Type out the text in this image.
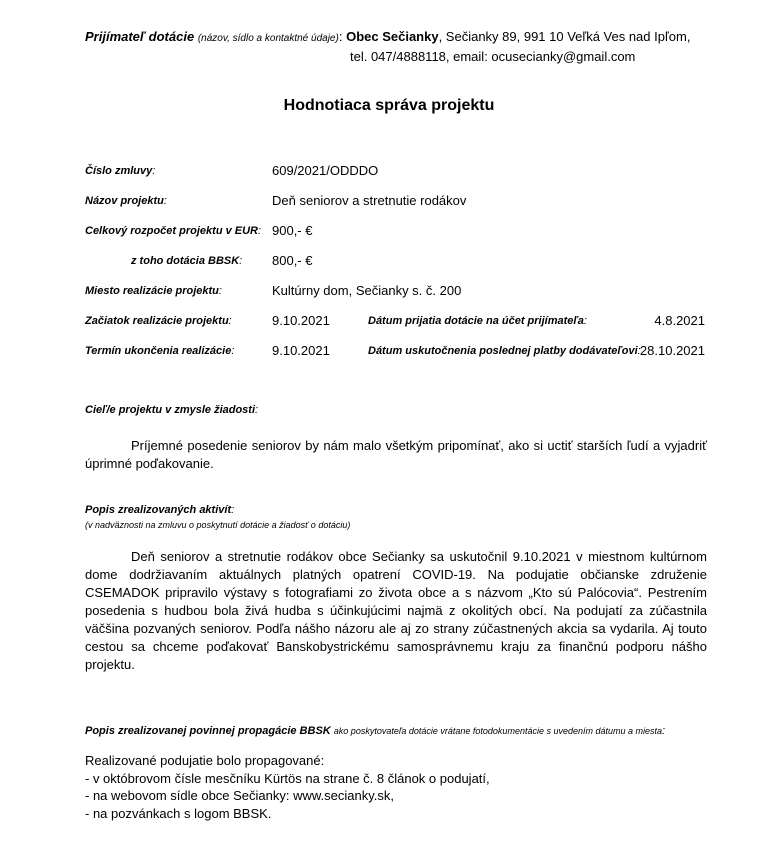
Prijímateľ dotácie (názov, sídlo a kontaktné údaje): Obec Sečianky, Sečianky 89, 991 10 Veľká Ves nad Ipľom,
tel. 047/4888118, email: ocusecianky@gmail.com
Hodnotiaca správa projektu
Číslo zmluvy:	609/2021/ODDDO
Názov projektu:	Deň seniorov a stretnutie rodákov
Celkový rozpočet projektu v EUR: 900,- €
z toho dotácia BBSK: 800,- €
Miesto realizácie projektu:	Kultúrny dom, Sečianky s. č. 200
Začiatok realizácie projektu:	9.10.2021	Dátum prijatia dotácie na účet prijímateľa:	4.8.2021
Termín ukončenia realizácie:	9.10.2021	Dátum uskutočnenia poslednej platby dodávateľovi: 28.10.2021
Cieľ/e projektu v zmysle žiadosti:
Príjemné posedenie seniorov by nám malo všetkým pripomínať, ako si uctiť starších ľudí a vyjadriť úprimné poďakovanie.
Popis zrealizovaných aktivít:
(v nadväznosti na zmluvu o poskytnutí dotácie a žiadosť o dotáciu)
Deň seniorov a stretnutie rodákov obce Sečianky sa uskutočnil 9.10.2021 v miestnom kultúrnom dome dodržiavaním aktuálnych platných opatrení COVID-19. Na podujatie občianske združenie CSEMADOK pripravilo výstavy s fotografiami zo života obce a s názvom „Kto sú Palócovia“. Pestrením posedenia s hudbou bola živá hudba s účinkujúcimi najmä z okolitých obcí. Na podujatí za zúčastnila väčšina pozvaných seniorov. Podľa nášho názoru ale aj zo strany zúčastnených akcia sa vydarila. Aj touto cestou sa chceme poďakovať Banskobystrickému samosprávnemu kraju za finančnú podporu nášho projektu.
Popis zrealizovanej povinnej propagácie BBSK ako poskytovateľa dotácie vrátane fotodokumentácie s uvedením dátumu a miesta:
Realizované podujatie bolo propagované:
- v októbrovom čísle mesčníku Kürtös na strane č. 8 článok o podujatí,
- na webovom sídle obce Sečianky: www.secianky.sk,
- na pozvánkach s logom BBSK.
